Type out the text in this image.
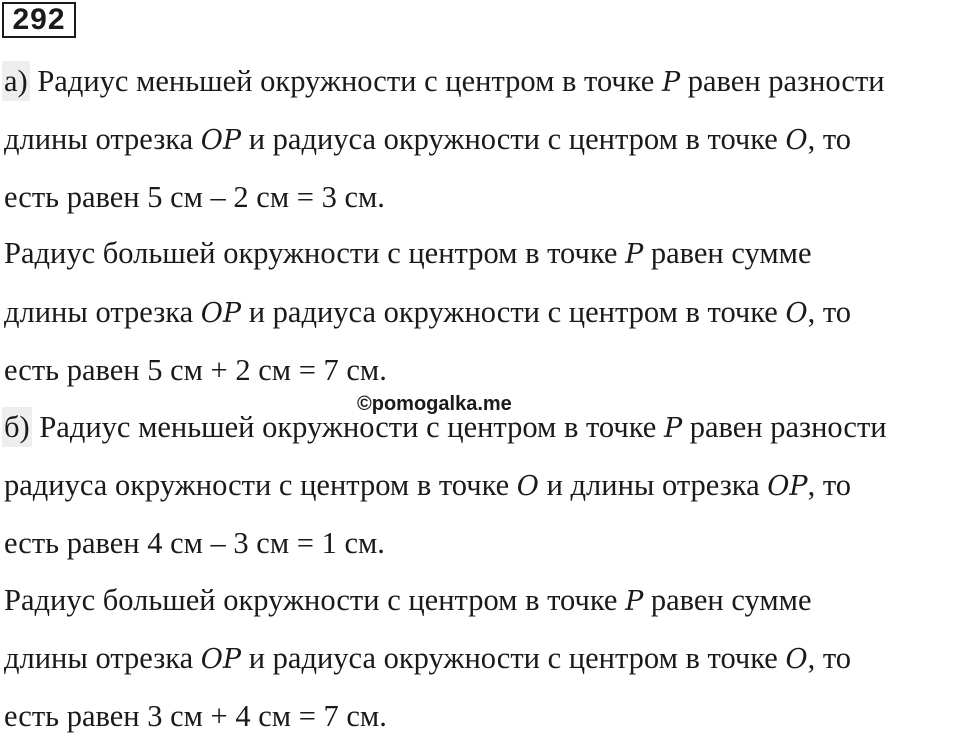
292
а) Радиус меньшей окружности с центром в точке P равен разности
длины отрезка OP и радиуса окружности с центром в точке O, то
есть равен 5 см – 2 см = 3 см.
Радиус большей окружности с центром в точке P равен сумме
длины отрезка OP и радиуса окружности с центром в точке O, то
есть равен 5 см + 2 см = 7 см.
©pomogalka.me
б) Радиус меньшей окружности с центром в точке P равен разности
радиуса окружности с центром в точке O и длины отрезка OP, то
есть равен 4 см – 3 см = 1 см.
Радиус большей окружности с центром в точке P равен сумме
длины отрезка OP и радиуса окружности с центром в точке O, то
есть равен 3 см + 4 см = 7 см.
